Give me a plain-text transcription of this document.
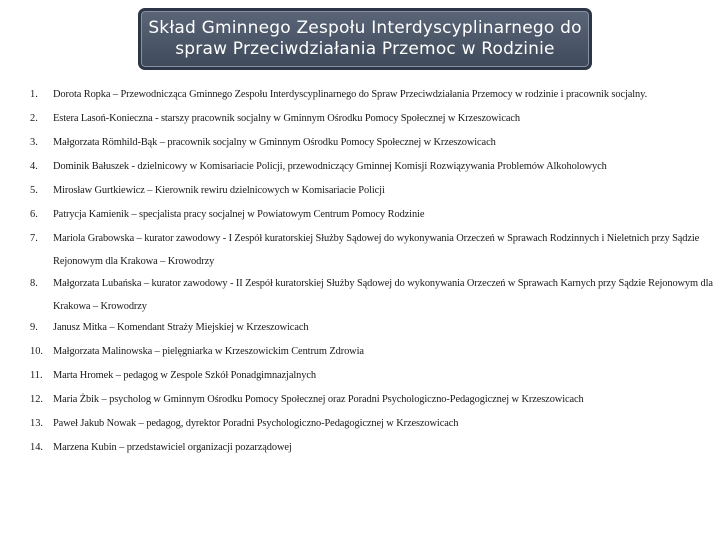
Skład Gminnego Zespołu Interdyscyplinarnego do spraw Przeciwdziałania Przemoc w Rodzinie
1. Dorota Ropka – Przewodnicząca Gminnego Zespołu Interdyscyplinarnego do Spraw Przeciwdziałania Przemocy w rodzinie i pracownik socjalny.
2. Estera Lasoń-Konieczna - starszy pracownik socjalny w Gminnym Ośrodku Pomocy Społecznej w Krzeszowicach
3. Małgorzata Römhild-Bąk – pracownik socjalny w Gminnym Ośrodku Pomocy Społecznej w Krzeszowicach
4. Dominik Bałuszek - dzielnicowy w Komisariacie Policji, przewodniczący Gminnej Komisji Rozwiązywania Problemów Alkoholowych
5. Mirosław Gurtkiewicz – Kierownik rewiru dzielnicowych w Komisariacie Policji
6. Patrycja Kamienik – specjalista pracy socjalnej w Powiatowym Centrum Pomocy Rodzinie
7. Mariola Grabowska – kurator zawodowy - I Zespół kuratorskiej Służby Sądowej do wykonywania Orzeczeń w Sprawach Rodzinnych i Nieletnich przy Sądzie Rejonowym dla Krakowa – Krowodrzy
8. Małgorzata Lubańska – kurator zawodowy - II Zespół kuratorskiej Służby Sądowej do wykonywania Orzeczeń w Sprawach Karnych przy Sądzie Rejonowym dla Krakowa – Krowodrzy
9. Janusz Mitka – Komendant Straży Miejskiej w Krzeszowicach
10. Małgorzata Malinowska – pielęgniarka w Krzeszowickim Centrum Zdrowia
11. Marta Hromek – pedagog w Zespole Szkół Ponadgimnazjalnych
12. Maria Żbik – psycholog w Gminnym Ośrodku Pomocy Społecznej oraz Poradni Psychologiczno-Pedagogicznej w Krzeszowicach
13. Paweł Jakub Nowak – pedagog, dyrektor Poradni Psychologiczno-Pedagogicznej w Krzeszowicach
14. Marzena Kubin – przedstawiciel organizacji pozarządowej
